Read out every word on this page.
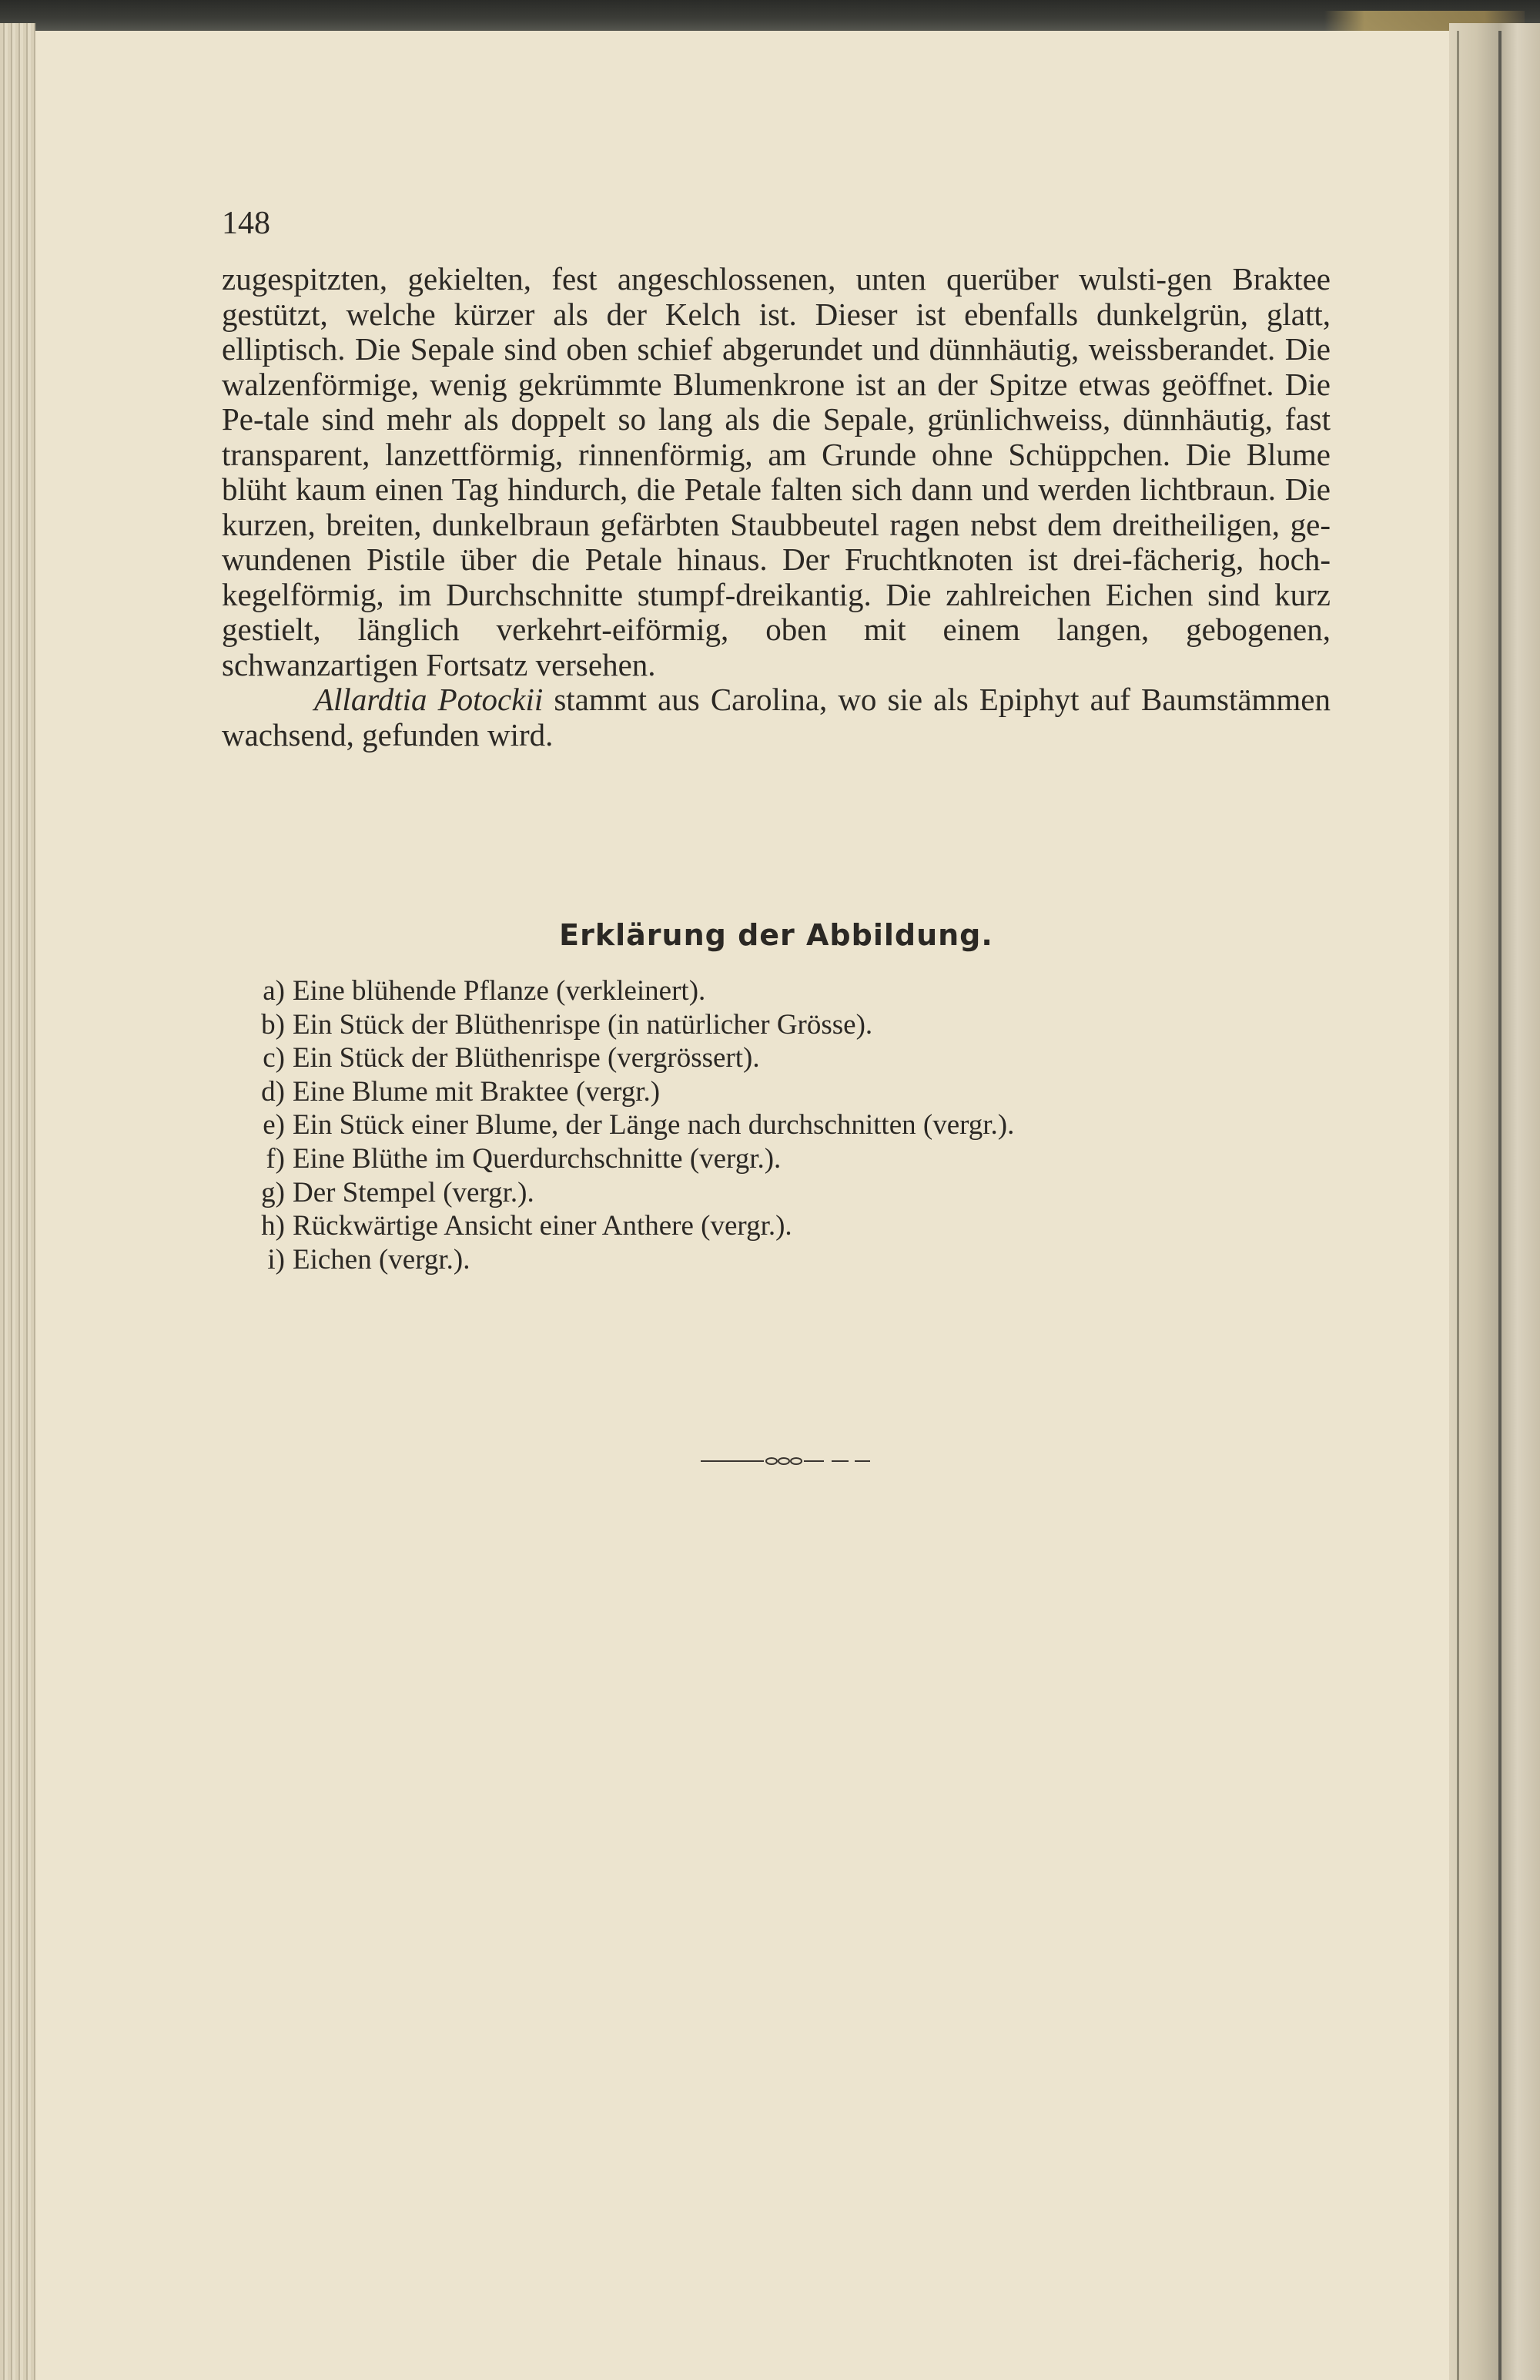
148

zugespitzten, gekielten, fest angeschlossenen, unten querüber wulsti-gen Braktee gestützt, welche kürzer als der Kelch ist. Dieser ist ebenfalls dunkelgrün, glatt, elliptisch. Die Sepale sind oben schief abgerundet und dünnhäutig, weissberandet. Die walzenförmige, wenig gekrümmte Blumenkrone ist an der Spitze etwas geöffnet. Die Pe-tale sind mehr als doppelt so lang als die Sepale, grünlichweiss, dünnhäutig, fast transparent, lanzettförmig, rinnenförmig, am Grunde ohne Schüppchen. Die Blume blüht kaum einen Tag hindurch, die Petale falten sich dann und werden lichtbraun. Die kurzen, breiten, dunkelbraun gefärbten Staubbeutel ragen nebst dem dreitheiligen, ge-wundenen Pistile über die Petale hinaus. Der Fruchtknoten ist drei-fächerig, hoch-kegelförmig, im Durchschnitte stumpf-dreikantig. Die zahlreichen Eichen sind kurz gestielt, länglich verkehrt-eiförmig, oben mit einem langen, gebogenen, schwanzartigen Fortsatz versehen.

Allardtia Potockii stammt aus Carolina, wo sie als Epiphyt auf Baumstämmen wachsend, gefunden wird.

Erklärung der Abbildung.
a) Eine blühende Pflanze (verkleinert).
b) Ein Stück der Blüthenrispe (in natürlicher Grösse).
c) Ein Stück der Blüthenrispe (vergrössert).
d) Eine Blume mit Braktee (vergr.)
e) Ein Stück einer Blume, der Länge nach durchschnitten (vergr.).
f) Eine Blüthe im Querdurchschnitte (vergr.).
g) Der Stempel (vergr.).
h) Rückwärtige Ansicht einer Anthere (vergr.).
i) Eichen (vergr.).
